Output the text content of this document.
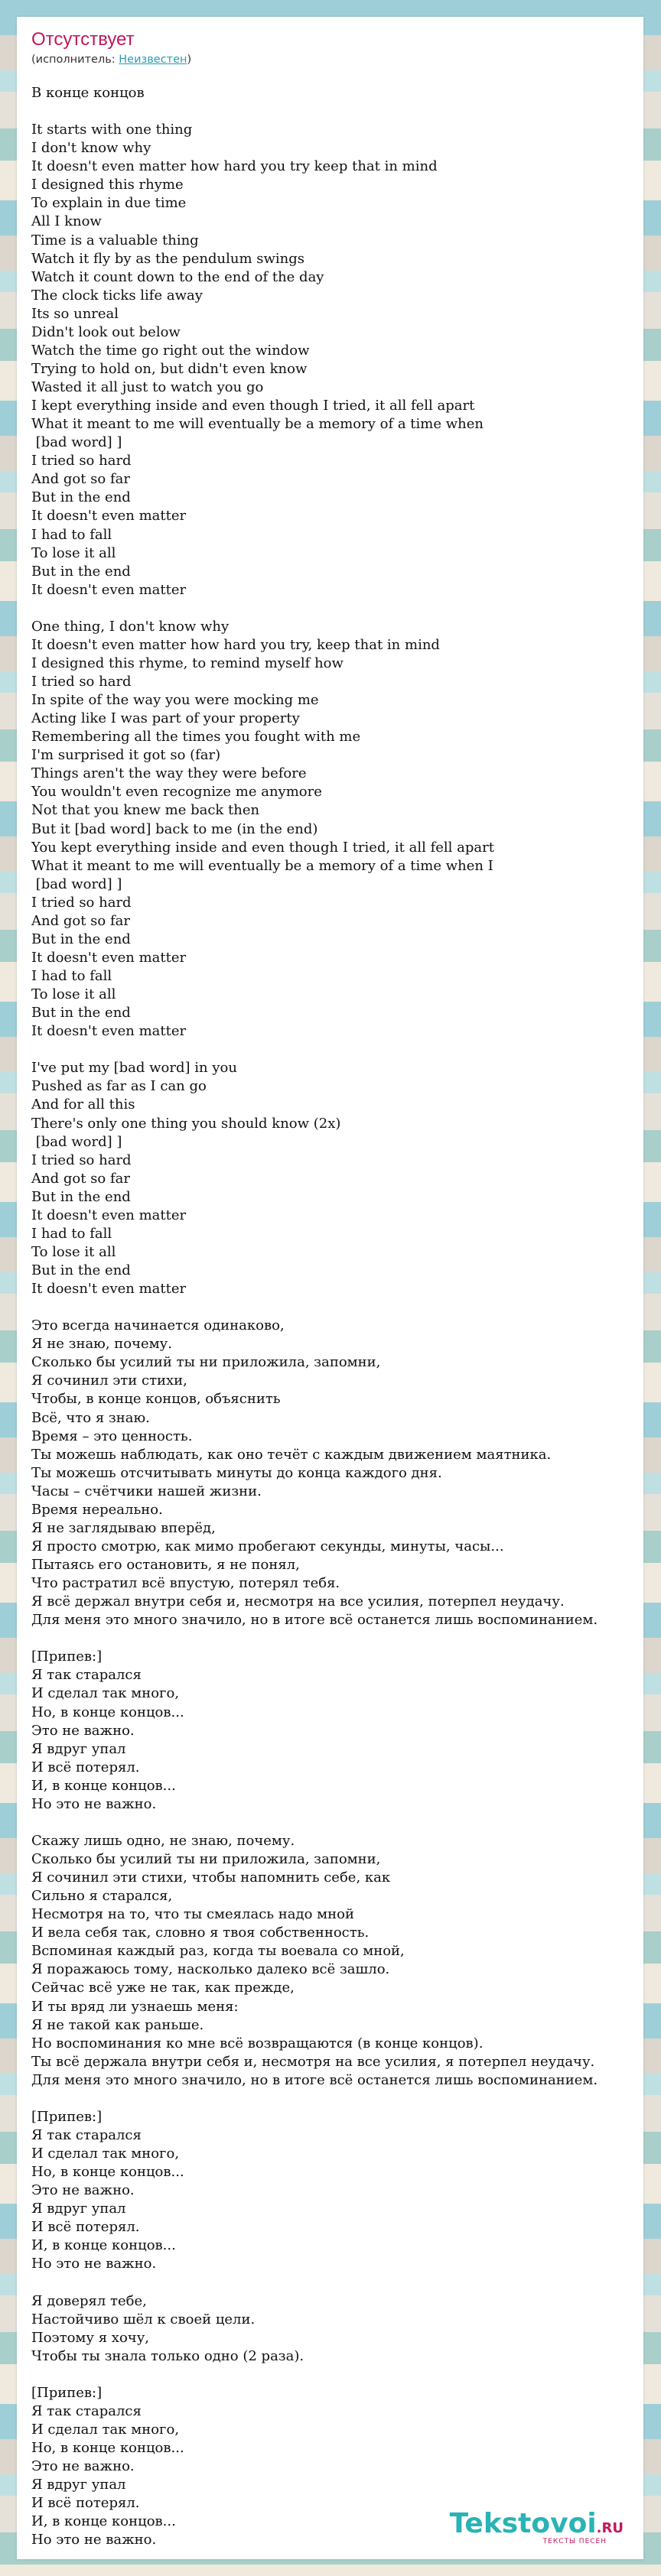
Отсутствует
(исполнитель: Неизвестен)
В конце концов
It starts with one thing
I don't know why
It doesn't even matter how hard you try keep that in mind
I designed this rhyme
To explain in due time
All I know
Time is a valuable thing
Watch it fly by as the pendulum swings
Watch it count down to the end of the day
The clock ticks life away
Its so unreal
Didn't look out below
Watch the time go right out the window
Trying to hold on, but didn't even know
Wasted it all just to watch you go
I kept everything inside and even though I tried, it all fell apart
What it meant to me will eventually be a memory of a time when
[bad word] ]
I tried so hard
And got so far
But in the end
It doesn't even matter
I had to fall
To lose it all
But in the end
It doesn't even matter
One thing, I don't know why
It doesn't even matter how hard you try, keep that in mind
I designed this rhyme, to remind myself how
I tried so hard
In spite of the way you were mocking me
Acting like I was part of your property
Remembering all the times you fought with me
I'm surprised it got so (far)
Things aren't the way they were before
You wouldn't even recognize me anymore
Not that you knew me back then
But it [bad word] back to me (in the end)
You kept everything inside and even though I tried, it all fell apart
What it meant to me will eventually be a memory of a time when I
[bad word] ]
I tried so hard
And got so far
But in the end
It doesn't even matter
I had to fall
To lose it all
But in the end
It doesn't even matter
I've put my [bad word] in you
Pushed as far as I can go
And for all this
There's only one thing you should know (2x)
[bad word] ]
I tried so hard
And got so far
But in the end
It doesn't even matter
I had to fall
To lose it all
But in the end
It doesn't even matter
Это всегда начинается одинаково,
Я не знаю, почему.
Сколько бы усилий ты ни приложила, запомни,
Я сочинил эти стихи,
Чтобы, в конце концов, объяснить
Всё, что я знаю.
Время – это ценность.
Ты можешь наблюдать, как оно течёт с каждым движением маятника.
Ты можешь отсчитывать минуты до конца каждого дня.
Часы – счётчики нашей жизни.
Время нереально.
Я не заглядываю вперёд,
Я просто смотрю, как мимо пробегают секунды, минуты, часы...
Пытаясь его остановить, я не понял,
Что растратил всё впустую, потерял тебя.
Я всё держал внутри себя и, несмотря на все усилия, потерпел неудачу.
Для меня это много значило, но в итоге всё останется лишь воспоминанием.
[Припев:]
Я так старался
И сделал так много,
Но, в конце концов...
Это не важно.
Я вдруг упал
И всё потерял.
И, в конце концов...
Но это не важно.
Скажу лишь одно, не знаю, почему.
Сколько бы усилий ты ни приложила, запомни,
Я сочинил эти стихи, чтобы напомнить себе, как
Сильно я старался,
Несмотря на то, что ты смеялась надо мной
И вела себя так, словно я твоя собственность.
Вспоминая каждый раз, когда ты воевала со мной,
Я поражаюсь тому, насколько далеко всё зашло.
Сейчас всё уже не так, как прежде,
И ты вряд ли узнаешь меня:
Я не такой как раньше.
Но воспоминания ко мне всё возвращаются (в конце концов).
Ты всё держала внутри себя и, несмотря на все усилия, я потерпел неудачу.
Для меня это много значило, но в итоге всё останется лишь воспоминанием.
[Припев:]
Я так старался
И сделал так много,
Но, в конце концов...
Это не важно.
Я вдруг упал
И всё потерял.
И, в конце концов...
Но это не важно.
Я доверял тебе,
Настойчиво шёл к своей цели.
Поэтому я хочу,
Чтобы ты знала только одно (2 раза).
[Припев:]
Я так старался
И сделал так много,
Но, в конце концов...
Это не важно.
Я вдруг упал
И всё потерял.
И, в конце концов...
Но это не важно.
Tekstovoi.RU
ТЕКСТЫ ПЕСЕН
